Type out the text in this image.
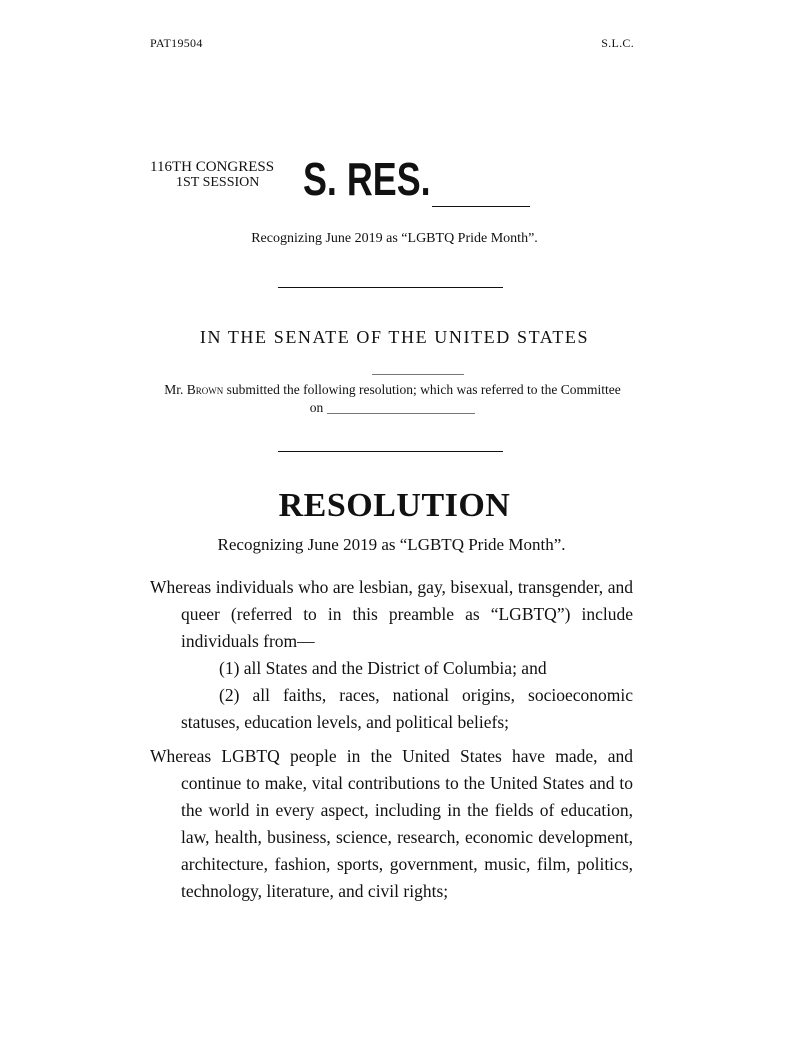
PAT19504	S.L.C.
116TH CONGRESS
1ST SESSION S. RES.
Recognizing June 2019 as “LGBTQ Pride Month”.
IN THE SENATE OF THE UNITED STATES
Mr. Brown submitted the following resolution; which was referred to the Committee on
RESOLUTION
Recognizing June 2019 as “LGBTQ Pride Month”.

Whereas individuals who are lesbian, gay, bisexual, transgender, and queer (referred to in this preamble as “LGBTQ”) include individuals from—

(1) all States and the District of Columbia; and

(2) all faiths, races, national origins, socioeconomic statuses, education levels, and political beliefs;

Whereas LGBTQ people in the United States have made, and continue to make, vital contributions to the United States and to the world in every aspect, including in the fields of education, law, health, business, science, research, economic development, architecture, fashion, sports, government, music, film, politics, technology, literature, and civil rights;
